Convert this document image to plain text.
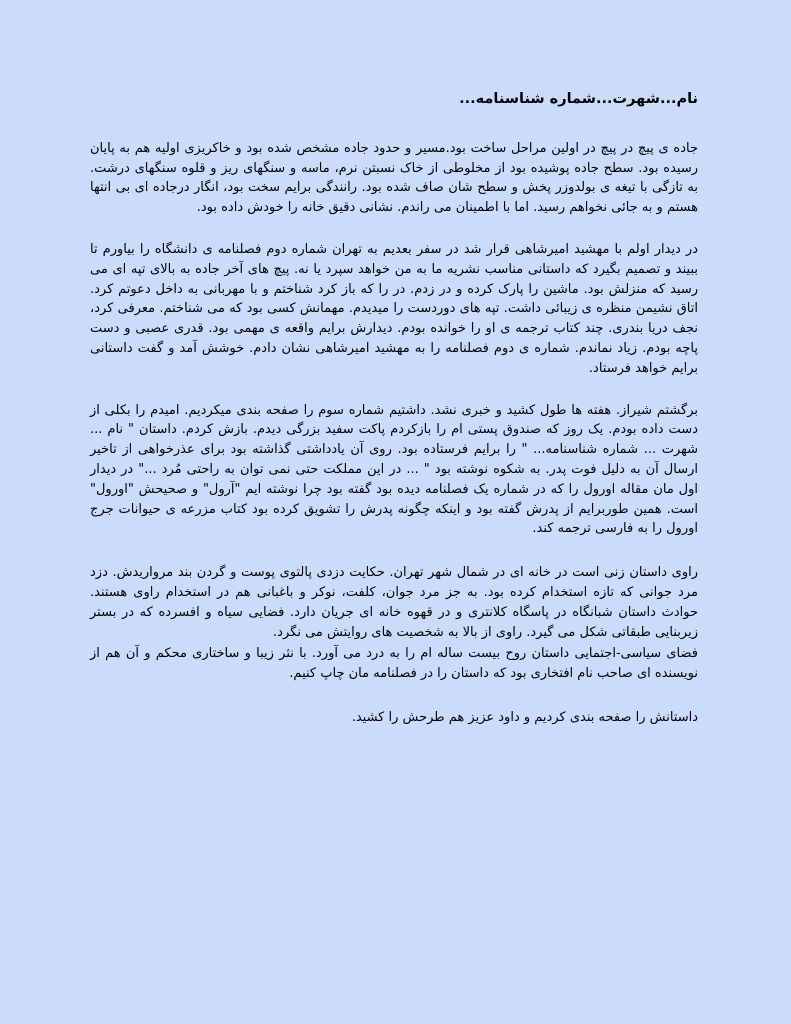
نام...شهرت...شماره شناسنامه...

جاده ی پیچ در پیچ در اولین مراحل ساخت بود.مسیر و حدود جاده مشخص شده بود و خاکریزی اولیه هم به پایان رسیده بود. سطح جاده پوشیده بود از مخلوطی از خاک نسبتن نرم، ماسه و سنگهای ریز و قلوه سنگهای درشت. به تازگی با تیغه ی بولدوزر پخش و سطح شان صاف شده بود. رانندگی برایم سخت بود، انگار درجاده ای بی انتها هستم و به جائی نخواهم رسید. اما با اطمینان می راندم. نشانی دقیق خانه را خودش داده بود.

در دیدار اولم با مهشید امیرشاهی قرار شد در سفر بعدیم به تهران شماره دوم فصلنامه ی دانشگاه را بیاورم تا ببیند و تصمیم بگیرد که داستانی مناسب نشریه ما به من خواهد سپرد یا نه. پیچ های آخر جاده به بالای تپه ای می رسید که منزلش بود. ماشین را پارک کرده و در زدم. در را که باز کرد شناختم و با مهربانی به داخل دعوتم کرد. اتاق نشیمن منظره ی زیبائی داشت. تپه های دوردست را میدیدم. مهمانش کسی بود که می شناختم. معرفی کرد، نجف دریا بندری. چند کتاب ترجمه ی او را خوانده بودم. دیدارش برایم واقعه ی مهمی بود. قدری عصبی و دست پاچه بودم. زیاد نماندم. شماره ی دوم فصلنامه را به مهشید امیرشاهی نشان دادم. خوشش آمد و گفت داستانی برایم خواهد فرستاد.

برگشتم شیراز. هفته ها طول کشید و خبری نشد. داشتیم شماره سوم را صفحه بندی میکردیم. امیدم را بکلی از دست داده بودم. یک روز که صندوق پستی ام را بازکردم پاکت سفید بزرگی دیدم. بازش کردم. داستان " نام ... شهرت ... شماره شناسنامه... " را برایم فرستاده بود. روی آن یادداشتی گذاشته بود برای عذرخواهی از تاخیر ارسال آن به دلیل فوت پدر. به شکوه نوشته بود " ... در این مملکت حتی نمی توان به راحتی مُرد ..." در دیدار اول مان مقاله اورول را که در شماره یک فصلنامه دیده بود گفته بود چرا نوشته ایم "آرول" و صحیحش "اورول" است. همین طوربرایم از پدرش گفته بود و اینکه چگونه پدرش را تشویق کرده بود کتاب مزرعه ی حیوانات جرج اورول را به فارسی ترجمه کند.

راوی داستان زنی است در خانه ای در شمال شهر تهران. حکایت دزدی پالتوی پوست و گردن بند مرواریدش. دزد مرد جوانی که تازه استخدام کرده بود. به جز مرد جوان، کلفت، نوکر و باغبانی هم در استخدام راوی هستند. حوادث داستان شبانگاه در پاسگاه کلانتری و در قهوه خانه ای جریان دارد. فضایی سیاه و افسرده که در بستر زیربنایی طبقاتی شکل می گیرد. راوی از بالا به شخصیت های روایتش می نگرد.

فضای سیاسی-اجتمایی داستان روح بیست ساله ام را به درد می آورد. با نثر زیبا و ساختاری محکم و آن هم از نویسنده ای صاحب نام افتخاری بود که داستان را در فصلنامه مان چاپ کنیم.

داستانش را صفحه بندی کردیم و داود عزیز هم طرحش را کشید.
